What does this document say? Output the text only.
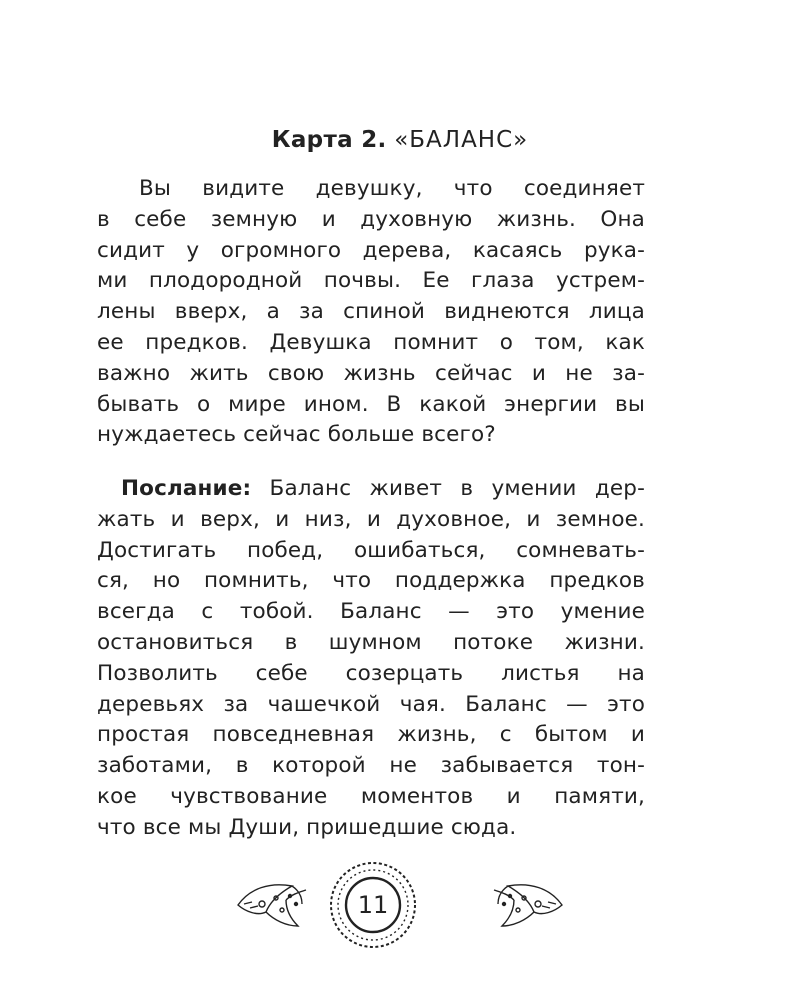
Карта 2. «БАЛАНС»
Вы видите девушку, что соединяет
в себе земную и духовную жизнь. Она
сидит у огромного дерева, касаясь рука-
ми плодородной почвы. Ее глаза устрем-
лены вверх, а за спиной виднеются лица
ее предков. Девушка помнит о том, как
важно жить свою жизнь сейчас и не за-
бывать о мире ином. В какой энергии вы
нуждаетесь сейчас больше всего?
Послание: Баланс живет в умении дер-
жать и верх, и низ, и духовное, и земное.
Достигать побед, ошибаться, сомневать-
ся, но помнить, что поддержка предков
всегда с тобой. Баланс — это умение
остановиться в шумном потоке жизни.
Позволить себе созерцать листья на
деревьях за чашечкой чая. Баланс — это
простая повседневная жизнь, с бытом и
заботами, в которой не забывается тон-
кое чувствование моментов и памяти,
что все мы Души, пришедшие сюда.
11
